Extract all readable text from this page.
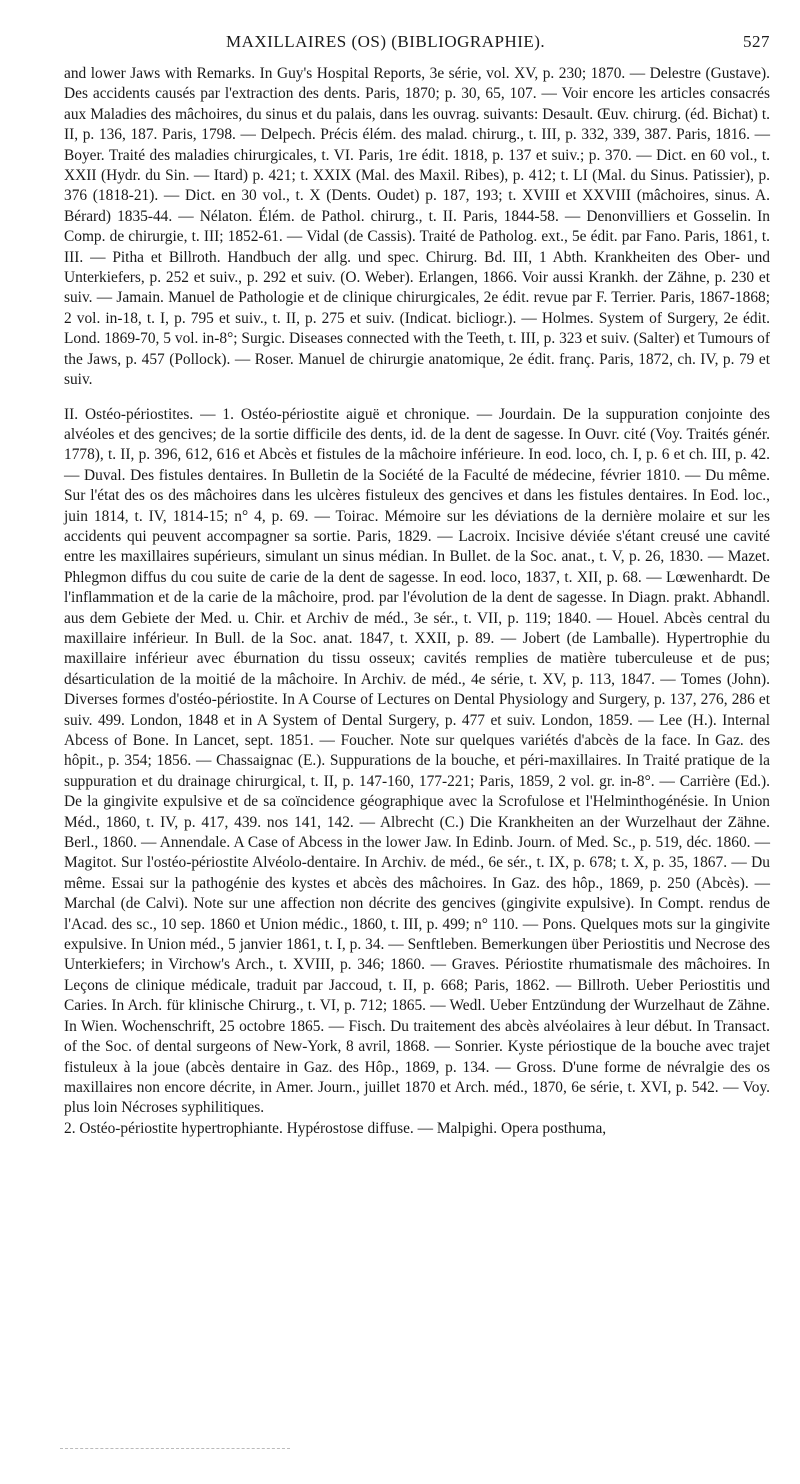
MAXILLAIRES (OS) (BIBLIOGRAPHIE).	527

and lower Jaws with Remarks. In Guy's Hospital Reports, 3e série, vol. XV, p. 230; 1870. — Delestre (Gustave). Des accidents causés par l'extraction des dents. Paris, 1870; p. 30, 65, 107. — Voir encore les articles consacrés aux Maladies des mâchoires, du sinus et du palais, dans les ouvrag. suivants: Desault. Œuv. chirurg. (éd. Bichat) t. II, p. 136, 187. Paris, 1798. — Delpech. Précis élém. des malad. chirurg., t. III, p. 332, 339, 387. Paris, 1816. — Boyer. Traité des maladies chirurgicales, t. VI. Paris, 1re édit. 1818, p. 137 et suiv.; p. 370. — Dict. en 60 vol., t. XXII (Hydr. du Sin. — Itard) p. 421; t. XXIX (Mal. des Maxil. Ribes), p. 412; t. LI (Mal. du Sinus. Patissier), p. 376 (1818-21). — Dict. en 30 vol., t. X (Dents. Oudet) p. 187, 193; t. XVIII et XXVIII (mâchoires, sinus. A. Bérard) 1835-44. — Nélaton. Élém. de Pathol. chirurg., t. II. Paris, 1844-58. — Denonvilliers et Gosselin. In Comp. de chirurgie, t. III; 1852-61. — Vidal (de Cassis). Traité de Patholog. ext., 5e édit. par Fano. Paris, 1861, t. III. — Pitha et Billroth. Handbuch der allg. und spec. Chirurg. Bd. III, 1 Abth. Krankheiten des Ober- und Unterkiefers, p. 252 et suiv., p. 292 et suiv. (O. Weber). Erlangen, 1866. Voir aussi Krankh. der Zähne, p. 230 et suiv. — Jamain. Manuel de Pathologie et de clinique chirurgicales, 2e édit. revue par F. Terrier. Paris, 1867-1868; 2 vol. in-18, t. I, p. 795 et suiv., t. II, p. 275 et suiv. (Indicat. bicliogr.). — Holmes. System of Surgery, 2e édit. Lond. 1869-70, 5 vol. in-8°; Surgic. Diseases connected with the Teeth, t. III, p. 323 et suiv. (Salter) et Tumours of the Jaws, p. 457 (Pollock). — Roser. Manuel de chirurgie anatomique, 2e édit. franç. Paris, 1872, ch. IV, p. 79 et suiv.

II. Ostéo-périostites. — 1. Ostéo-périostite aiguë et chronique. — Jourdain. De la suppuration conjointe des alvéoles et des gencives; de la sortie difficile des dents, id. de la dent de sagesse. In Ouvr. cité (Voy. Traités génér. 1778), t. II, p. 396, 612, 616 et Abcès et fistules de la mâchoire inférieure. In eod. loco, ch. I, p. 6 et ch. III, p. 42. — Duval. Des fistules dentaires. In Bulletin de la Société de la Faculté de médecine, février 1810. — Du même. Sur l'état des os des mâchoires dans les ulcères fistuleux des gencives et dans les fistules dentaires. In Eod. loc., juin 1814, t. IV, 1814-15; n° 4, p. 69. — Toirac. Mémoire sur les déviations de la dernière molaire et sur les accidents qui peuvent accompagner sa sortie. Paris, 1829. — Lacroix. Incisive déviée s'étant creusé une cavité entre les maxillaires supérieurs, simulant un sinus médian. In Bullet. de la Soc. anat., t. V, p. 26, 1830. — Mazet. Phlegmon diffus du cou suite de carie de la dent de sagesse. In eod. loco, 1837, t. XII, p. 68. — Lœwenhardt. De l'inflammation et de la carie de la mâchoire, prod. par l'évolution de la dent de sagesse. In Diagn. prakt. Abhandl. aus dem Gebiete der Med. u. Chir. et Archiv de méd., 3e sér., t. VII, p. 119; 1840. — Houel. Abcès central du maxillaire inférieur. In Bull. de la Soc. anat. 1847, t. XXII, p. 89. — Jobert (de Lamballe). Hypertrophie du maxillaire inférieur avec éburnation du tissu osseux; cavités remplies de matière tuberculeuse et de pus; désarticulation de la moitié de la mâchoire. In Archiv. de méd., 4e série, t. XV, p. 113, 1847. — Tomes (John). Diverses formes d'ostéo-périostite. In A Course of Lectures on Dental Physiology and Surgery, p. 137, 276, 286 et suiv. 499. London, 1848 et in A System of Dental Surgery, p. 477 et suiv. London, 1859. — Lee (H.). Internal Abcess of Bone. In Lancet, sept. 1851. — Foucher. Note sur quelques variétés d'abcès de la face. In Gaz. des hôpit., p. 354; 1856. — Chassaignac (E.). Suppurations de la bouche, et péri-maxillaires. In Traité pratique de la suppuration et du drainage chirurgical, t. II, p. 147-160, 177-221; Paris, 1859, 2 vol. gr. in-8°. — Carrière (Ed.). De la gingivite expulsive et de sa coïncidence géographique avec la Scrofulose et l'Helminthogénésie. In Union Méd., 1860, t. IV, p. 417, 439. nos 141, 142. — Albrecht (C.) Die Krankheiten an der Wurzelhaut der Zähne. Berl., 1860. — Annendale. A Case of Abcess in the lower Jaw. In Edinb. Journ. of Med. Sc., p. 519, déc. 1860. — Magitot. Sur l'ostéo-périostite Alvéolo-dentaire. In Archiv. de méd., 6e sér., t. IX, p. 678; t. X, p. 35, 1867. — Du même. Essai sur la pathogénie des kystes et abcès des mâchoires. In Gaz. des hôp., 1869, p. 250 (Abcès). — Marchal (de Calvi). Note sur une affection non décrite des gencives (gingivite expulsive). In Compt. rendus de l'Acad. des sc., 10 sep. 1860 et Union médic., 1860, t. III, p. 499; n° 110. — Pons. Quelques mots sur la gingivite expulsive. In Union méd., 5 janvier 1861, t. I, p. 34. — Senftleben. Bemerkungen über Periostitis und Necrose des Unterkiefers; in Virchow's Arch., t. XVIII, p. 346; 1860. — Graves. Périostite rhumatismale des mâchoires. In Leçons de clinique médicale, traduit par Jaccoud, t. II, p. 668; Paris, 1862. — Billroth. Ueber Periostitis und Caries. In Arch. für klinische Chirurg., t. VI, p. 712; 1865. — Wedl. Ueber Entzündung der Wurzelhaut de Zähne. In Wien. Wochenschrift, 25 octobre 1865. — Fisch. Du traitement des abcès alvéolaires à leur début. In Transact. of the Soc. of dental surgeons of New-York, 8 avril, 1868. — Sonrier. Kyste périostique de la bouche avec trajet fistuleux à la joue (abcès dentaire in Gaz. des Hôp., 1869, p. 134. — Gross. D'une forme de névralgie des os maxillaires non encore décrite, in Amer. Journ., juillet 1870 et Arch. méd., 1870, 6e série, t. XVI, p. 542. — Voy. plus loin Nécroses syphilitiques.

2. Ostéo-périostite hypertrophiante. Hypérostose diffuse. — Malpighi. Opera posthuma,
